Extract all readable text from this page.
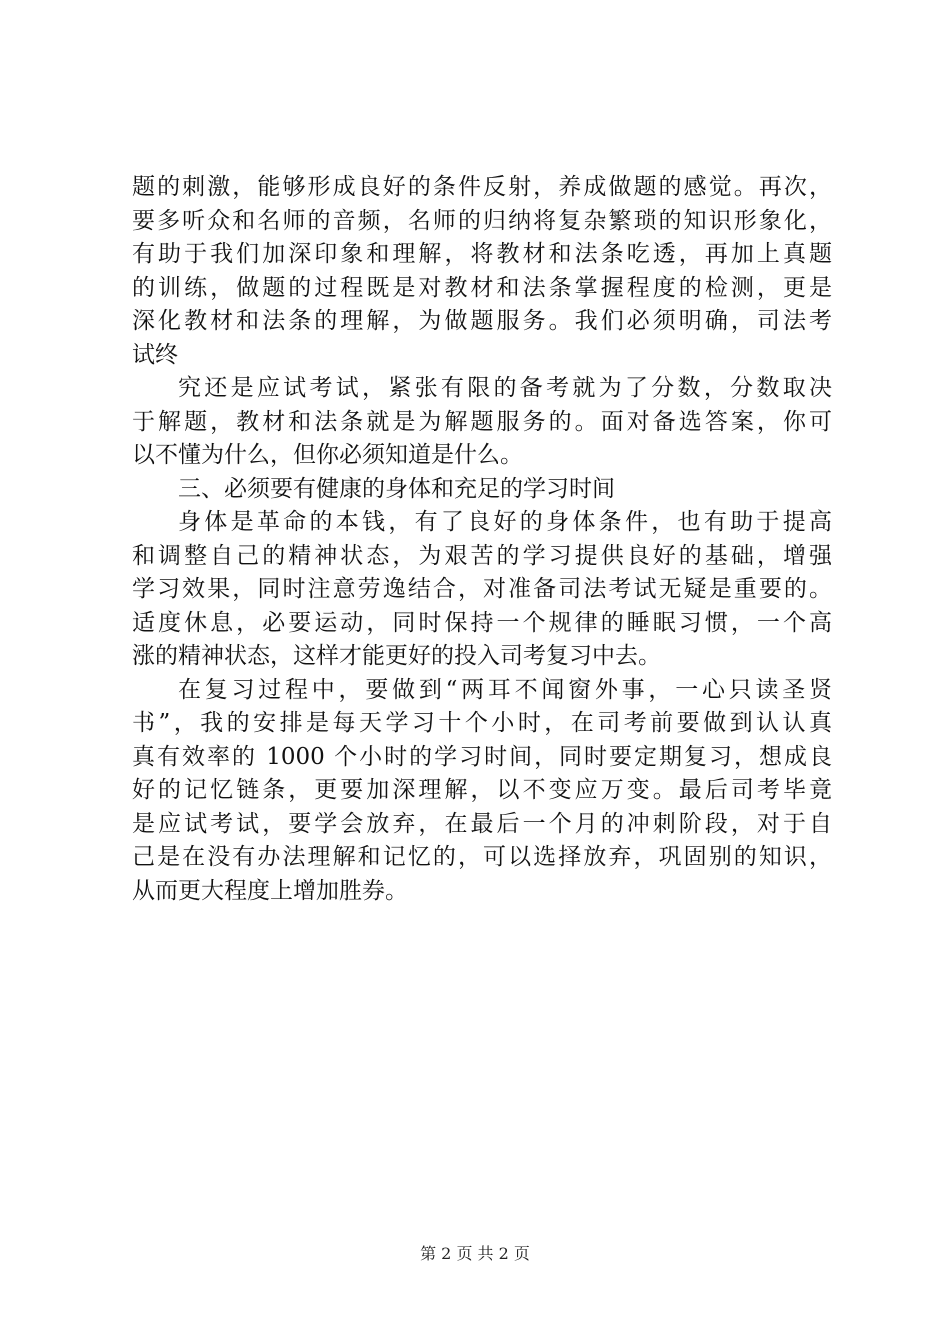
题的刺激，能够形成良好的条件反射，养成做题的感觉。再次，
要多听众和名师的音频，名师的归纳将复杂繁琐的知识形象化，
有助于我们加深印象和理解，将教材和法条吃透，再加上真题
的训练，做题的过程既是对教材和法条掌握程度的检测，更是
深化教材和法条的理解，为做题服务。我们必须明确，司法考
试终
究还是应试考试，紧张有限的备考就为了分数，分数取决
于解题，教材和法条就是为解题服务的。面对备选答案，你可
以不懂为什么，但你必须知道是什么。
三、必须要有健康的身体和充足的学习时间
身体是革命的本钱，有了良好的身体条件，也有助于提高
和调整自己的精神状态，为艰苦的学习提供良好的基础，增强
学习效果，同时注意劳逸结合，对准备司法考试无疑是重要的。
适度休息，必要运动，同时保持一个规律的睡眠习惯，一个高
涨的精神状态，这样才能更好的投入司考复习中去。
在复习过程中，要做到“两耳不闻窗外事，一心只读圣贤
书”，我的安排是每天学习十个小时，在司考前要做到认认真
真有效率的 1000 个小时的学习时间，同时要定期复习，想成良
好的记忆链条，更要加深理解，以不变应万变。最后司考毕竟
是应试考试，要学会放弃，在最后一个月的冲刺阶段，对于自
己是在没有办法理解和记忆的，可以选择放弃，巩固别的知识，
从而更大程度上增加胜券。
第 2 页 共 2 页
